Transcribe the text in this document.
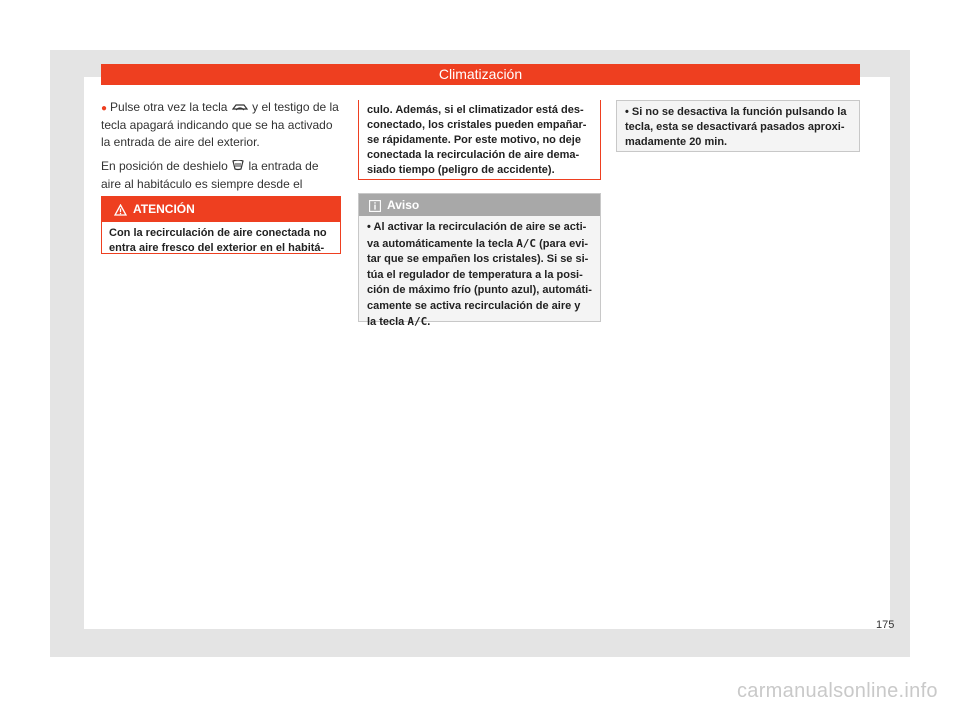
Climatización

● Pulse otra vez la tecla y el testigo de la tecla apagará indicando que se ha activado la entrada de aire del exterior.

En posición de deshielo la entrada de aire al habitáculo es siempre desde el

ATENCIÓN
Con la recirculación de aire conectada no entra aire fresco del exterior en el habitá-
culo. Además, si el climatizador está des-conectado, los cristales pueden empañar-se rápidamente. Por este motivo, no deje conectada la recirculación de aire dema-siado tiempo (peligro de accidente).
Aviso
• Al activar la recirculación de aire se acti-va automáticamente la tecla A/C (para evi-tar que se empañen los cristales). Si se si-túa el regulador de temperatura a la posi-ción de máximo frío (punto azul), automáti-camente se activa recirculación de aire y la tecla A/C.
• Si no se desactiva la función pulsando la tecla, esta se desactivará pasados aproxi-madamente 20 min.
175
carmanualsonline.info
